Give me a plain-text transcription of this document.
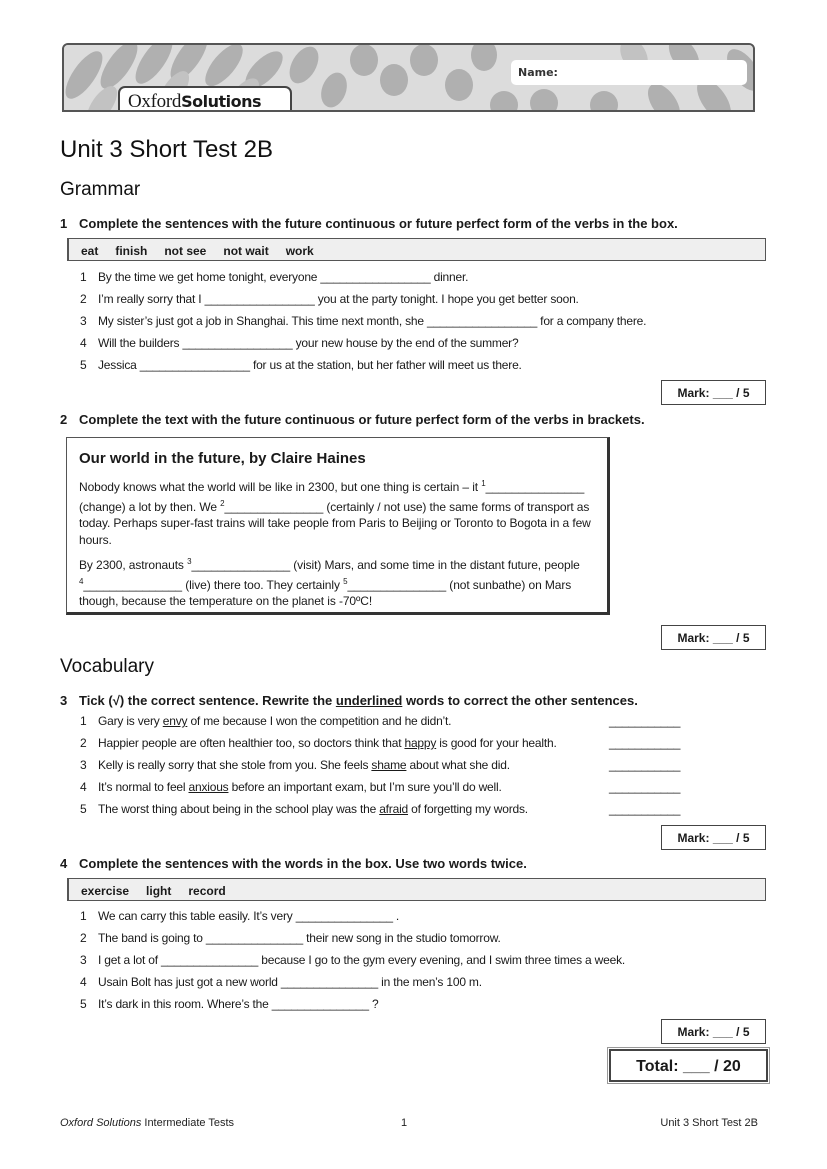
OxfordSolutions
Name:
Unit 3 Short Test 2B
Grammar
1 Complete the sentences with the future continuous or future perfect form of the verbs in the box.
eat finish not see not wait work
1 By the time we get home tonight, everyone _________________ dinner.
2 I’m really sorry that I _________________ you at the party tonight. I hope you get better soon.
3 My sister’s just got a job in Shanghai. This time next month, she _________________ for a company there.
4 Will the builders _________________ your new house by the end of the summer?
5 Jessica _________________ for us at the station, but her father will meet us there.
Mark: ___ / 5
2 Complete the text with the future continuous or future perfect form of the verbs in brackets.
Our world in the future, by Claire Haines

Nobody knows what the world will be like in 2300, but one thing is certain – it $^1$_______________ (change) a lot by then. We $^2$_______________ (certainly / not use) the same forms of transport as today. Perhaps super-fast trains will take people from Paris to Beijing or Toronto to Bogota in a few hours.

By 2300, astronauts $^3$_______________ (visit) Mars, and some time in the distant future, people $^4$_______________ (live) there too. They certainly $^5$_______________ (not sunbathe) on Mars though, because the temperature on the planet is -70ºC!

Mark: ___ / 5
Vocabulary
3 Tick (√) the correct sentence. Rewrite the underlined words to correct the other sentences.
1 Gary is very envy of me because I won the competition and he didn’t.	___________
2 Happier people are often healthier too, so doctors think that happy is good for your health.	___________
3 Kelly is really sorry that she stole from you. She feels shame about what she did.	___________
4 It’s normal to feel anxious before an important exam, but I’m sure you’ll do well.	___________
5 The worst thing about being in the school play was the afraid of forgetting my words.	___________
Mark: ___ / 5
4 Complete the sentences with the words in the box. Use two words twice.
exercise light record
1 We can carry this table easily. It’s very _______________ .
2 The band is going to _______________ their new song in the studio tomorrow.
3 I get a lot of _______________ because I go to the gym every evening, and I swim three times a week.
4 Usain Bolt has just got a new world _______________ in the men’s 100 m.
5 It’s dark in this room. Where’s the _______________ ?
Mark: ___ / 5
Total: ___ / 20
Oxford Solutions Intermediate Tests	1	Unit 3 Short Test 2B
